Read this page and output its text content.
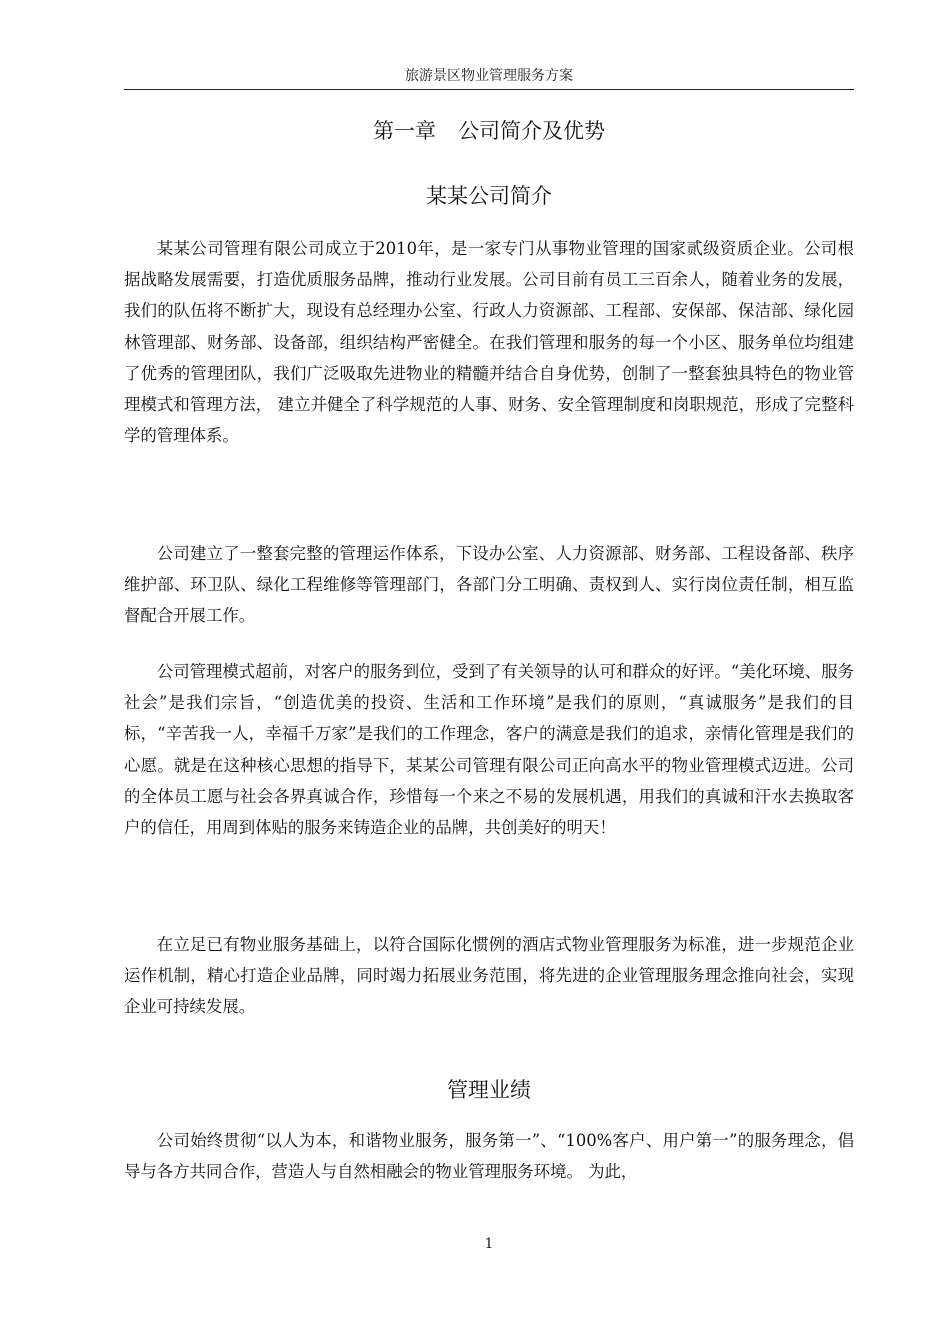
旅游景区物业管理服务方案
第一章 公司简介及优势
某某公司简介

某某公司管理有限公司成立于2010年，是一家专门从事物业管理的国家贰级资质企业。公司根据战略发展需要，打造优质服务品牌，推动行业发展。公司目前有员工三百余人，随着业务的发展，我们的队伍将不断扩大，现设有总经理办公室、行政人力资源部、工程部、安保部、保洁部、绿化园林管理部、财务部、设备部，组织结构严密健全。在我们管理和服务的每一个小区、服务单位均组建了优秀的管理团队，我们广泛吸取先进物业的精髓并结合自身优势，创制了一整套独具特色的物业管理模式和管理方法， 建立并健全了科学规范的人事、财务、安全管理制度和岗职规范，形成了完整科学的管理体系。

公司建立了一整套完整的管理运作体系，下设办公室、人力资源部、财务部、工程设备部、秩序维护部、环卫队、绿化工程维修等管理部门，各部门分工明确、责权到人、实行岗位责任制，相互监督配合开展工作。

公司管理模式超前，对客户的服务到位，受到了有关领导的认可和群众的好评。“美化环境、服务社会”是我们宗旨，“创造优美的投资、生活和工作环境”是我们的原则，“真诚服务”是我们的目标，“辛苦我一人，幸福千万家”是我们的工作理念，客户的满意是我们的追求，亲情化管理是我们的心愿。就是在这种核心思想的指导下，某某公司管理有限公司正向高水平的物业管理模式迈进。公司的全体员工愿与社会各界真诚合作，珍惜每一个来之不易的发展机遇，用我们的真诚和汗水去换取客户的信任，用周到体贴的服务来铸造企业的品牌，共创美好的明天！

在立足已有物业服务基础上，以符合国际化惯例的酒店式物业管理服务为标准，进一步规范企业运作机制，精心打造企业品牌，同时竭力拓展业务范围，将先进的企业管理服务理念推向社会，实现企业可持续发展。

管理业绩

公司始终贯彻“以人为本，和谐物业服务，服务第一”、“100%客户、用户第一”的服务理念，倡导与各方共同合作，营造人与自然相融会的物业管理服务环境。 为此，

1
